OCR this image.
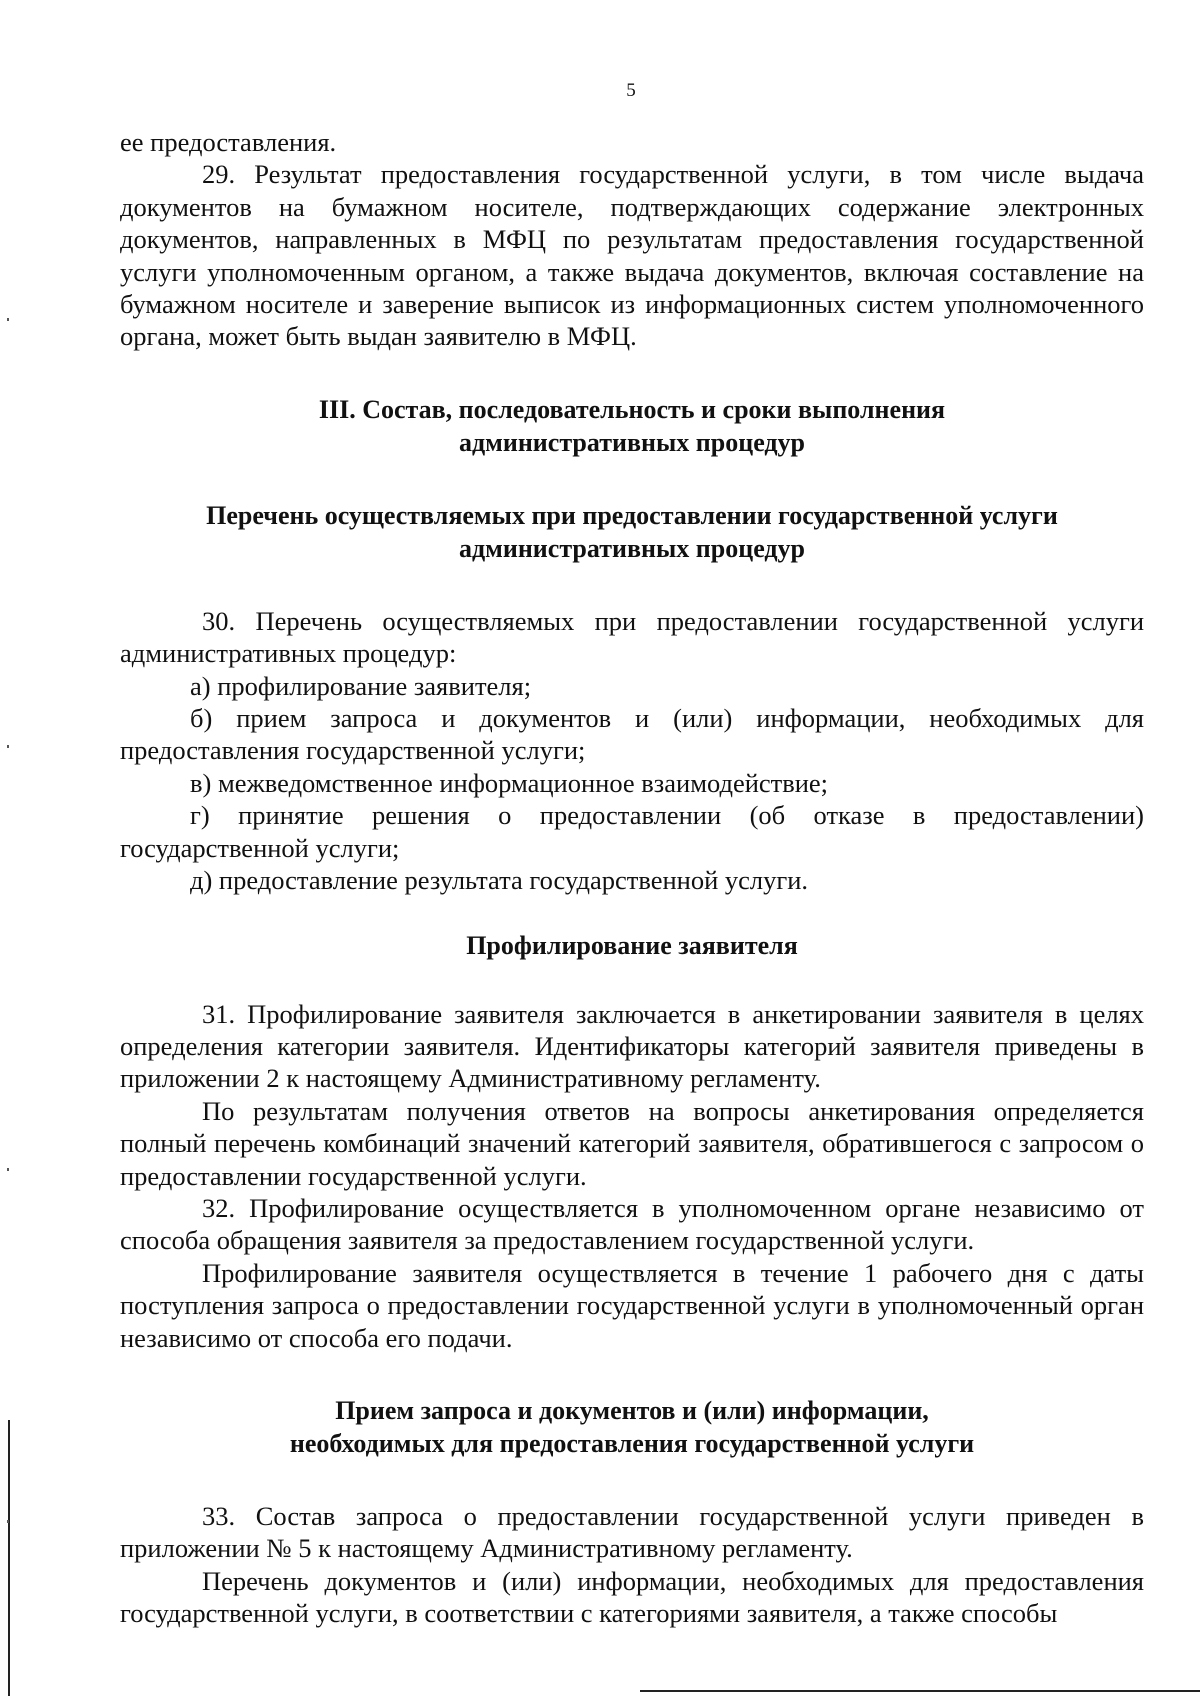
5

ее предоставления.

29. Результат предоставления государственной услуги, в том числе выдача документов на бумажном носителе, подтверждающих содержание электронных документов, направленных в МФЦ по результатам предоставления государственной услуги уполномоченным органом, а также выдача документов, включая составление на бумажном носителе и заверение выписок из информационных систем уполномоченного органа, может быть выдан заявителю в МФЦ.

III. Состав, последовательность и сроки выполнения

административных процедур

Перечень осуществляемых при предоставлении государственной услуги

административных процедур

30. Перечень осуществляемых при предоставлении государственной услуги административных процедур:

а) профилирование заявителя;

б) прием запроса и документов и (или) информации, необходимых для предоставления государственной услуги;

в) межведомственное информационное взаимодействие;

г) принятие решения о предоставлении (об отказе в предоставлении) государственной услуги;

д) предоставление результата государственной услуги.

Профилирование заявителя

31. Профилирование заявителя заключается в анкетировании заявителя в целях определения категории заявителя. Идентификаторы категорий заявителя приведены в приложении 2 к настоящему Административному регламенту.

По результатам получения ответов на вопросы анкетирования определяется полный перечень комбинаций значений категорий заявителя, обратившегося с запросом о предоставлении государственной услуги.

32. Профилирование осуществляется в уполномоченном органе независимо от способа обращения заявителя за предоставлением государственной услуги.

Профилирование заявителя осуществляется в течение 1 рабочего дня с даты поступления запроса о предоставлении государственной услуги в уполномоченный орган независимо от способа его подачи.

Прием запроса и документов и (или) информации,

необходимых для предоставления государственной услуги

33. Состав запроса о предоставлении государственной услуги приведен в приложении № 5 к настоящему Административному регламенту.

Перечень документов и (или) информации, необходимых для предоставления государственной услуги, в соответствии с категориями заявителя, а также способы
